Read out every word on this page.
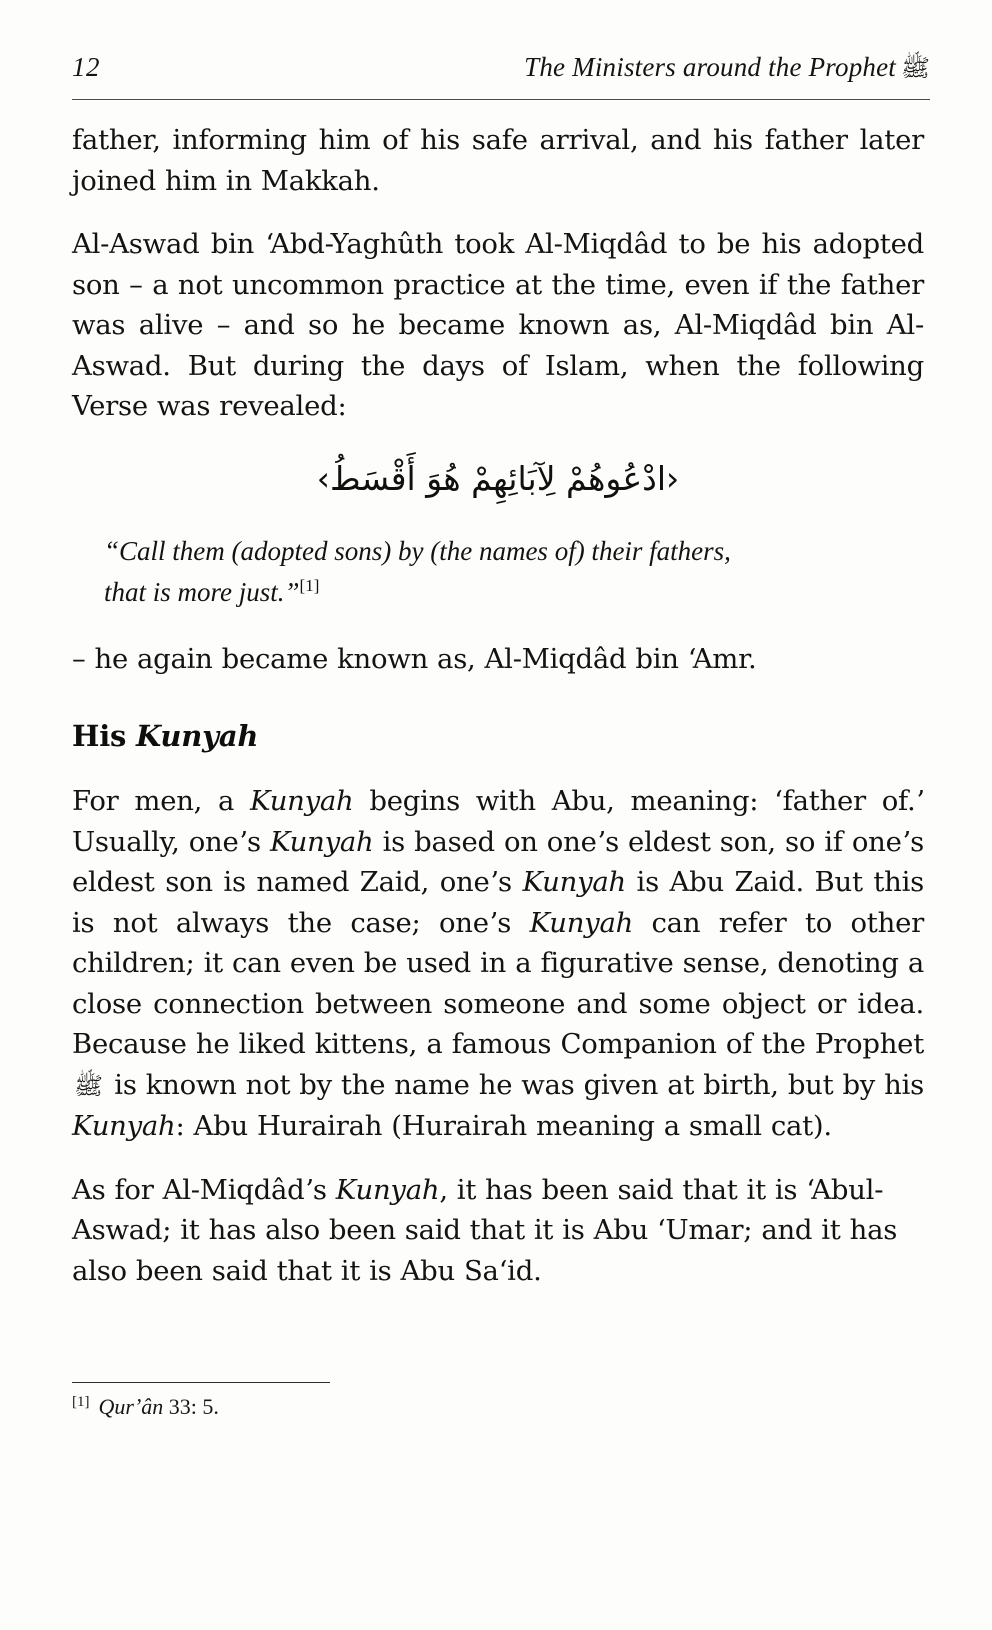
12	The Ministers around the Prophet ﷺ

father, informing him of his safe arrival, and his father later joined him in Makkah.

Al-Aswad bin ʻAbd-Yaghûth took Al-Miqdâd to be his adopted son – a not uncommon practice at the time, even if the father was alive – and so he became known as, Al-Miqdâd bin Al-Aswad. But during the days of Islam, when the following Verse was revealed:

‹ادْعُوهُمْ لِآبَائِهِمْ هُوَ أَقْسَطُ›
“Call them (adopted sons) by (the names of) their fathers,
that is more just.”[1]

– he again became known as, Al-Miqdâd bin ʻAmr.

His Kunyah

For men, a Kunyah begins with Abu, meaning: ʻfather of.ʼ Usually, oneʼs Kunyah is based on oneʼs eldest son, so if oneʼs eldest son is named Zaid, oneʼs Kunyah is Abu Zaid. But this is not always the case; oneʼs Kunyah can refer to other children; it can even be used in a figurative sense, denoting a close connection between someone and some object or idea. Because he liked kittens, a famous Companion of the Prophet ﷺ is known not by the name he was given at birth, but by his Kunyah: Abu Hurairah (Hurairah meaning a small cat).

As for Al-Miqdâdʼs Kunyah, it has been said that it is ʻAbul-Aswad; it has also been said that it is Abu ʻUmar; and it has also been said that it is Abu Saʻid.

[1] Qurʼân 33: 5.
